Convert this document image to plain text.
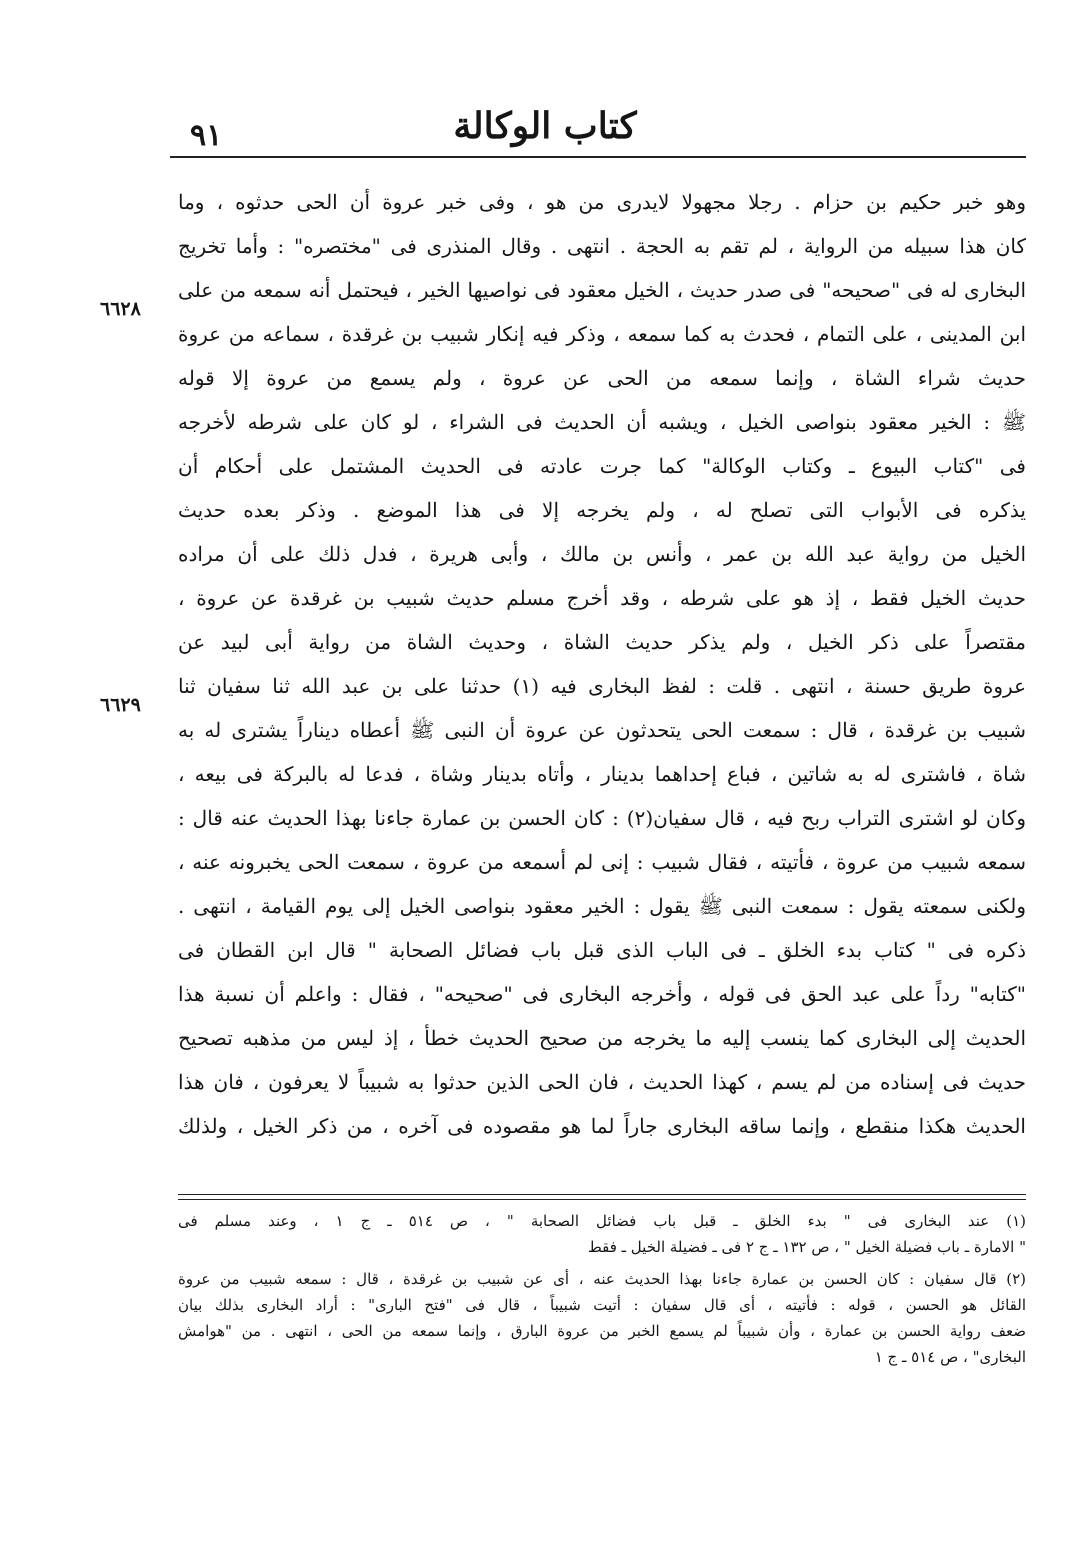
كتاب الوكالة
٩١
٦٦٢٨
٦٦٢٩
وهو خبر حكيم بن حزام . رجلا مجهولا لايدرى من هو ، وفى خبر عروة أن الحى حدثوه ، وما
كان هذا سبيله من الرواية ، لم تقم به الحجة . انتهى . وقال المنذرى فى "مختصره" : وأما تخريج
البخارى له فى "صحيحه" فى صدر حديث ، الخيل معقود فى نواصيها الخير ، فيحتمل أنه سمعه من على
ابن المدينى ، على التمام ، فحدث به كما سمعه ، وذكر فيه إنكار شبيب بن غرقدة ، سماعه من عروة
حديث شراء الشاة ، وإنما سمعه من الحى عن عروة ، ولم يسمع من عروة إلا قوله
ﷺ : الخير معقود بنواصى الخيل ، ويشبه أن الحديث فى الشراء ، لو كان على شرطه لأخرجه
فى "كتاب البيوع ـ وكتاب الوكالة" كما جرت عادته فى الحديث المشتمل على أحكام أن
يذكره فى الأبواب التى تصلح له ، ولم يخرجه إلا فى هذا الموضع . وذكر بعده حديث
الخيل من رواية عبد الله بن عمر ، وأنس بن مالك ، وأبى هريرة ، فدل ذلك على أن مراده
حديث الخيل فقط ، إذ هو على شرطه ، وقد أخرج مسلم حديث شبيب بن غرقدة عن عروة ،
مقتصراً على ذكر الخيل ، ولم يذكر حديث الشاة ، وحديث الشاة من رواية أبى لبيد عن
عروة طريق حسنة ، انتهى . قلت : لفظ البخارى فيه (١) حدثنا على بن عبد الله ثنا سفيان ثنا
شبيب بن غرقدة ، قال : سمعت الحى يتحدثون عن عروة أن النبى ﷺ أعطاه ديناراً يشترى له به
شاة ، فاشترى له به شاتين ، فباع إحداهما بدينار ، وأتاه بدينار وشاة ، فدعا له بالبركة فى بيعه ،
وكان لو اشترى التراب ربح فيه ، قال سفيان(٢) : كان الحسن بن عمارة جاءنا بهذا الحديث عنه قال :
سمعه شبيب من عروة ، فأتيته ، فقال شبيب : إنى لم أسمعه من عروة ، سمعت الحى يخبرونه عنه ،
ولكنى سمعته يقول : سمعت النبى ﷺ يقول : الخير معقود بنواصى الخيل إلى يوم القيامة ، انتهى .
ذكره فى " كتاب بدء الخلق ـ فى الباب الذى قبل باب فضائل الصحابة " قال ابن القطان فى
"كتابه" رداً على عبد الحق فى قوله ، وأخرجه البخارى فى "صحيحه" ، فقال : واعلم أن نسبة هذا
الحديث إلى البخارى كما ينسب إليه ما يخرجه من صحيح الحديث خطأ ، إذ ليس من مذهبه تصحيح
حديث فى إسناده من لم يسم ، كهذا الحديث ، فان الحى الذين حدثوا به شبيباً لا يعرفون ، فان هذا
الحديث هكذا منقطع ، وإنما ساقه البخارى جاراً لما هو مقصوده فى آخره ، من ذكر الخيل ، ولذلك
(١) عند البخارى فى " بدء الخلق ـ قبل باب فضائل الصحابة " ، ص ٥١٤ ـ ج ١ ، وعند مسلم فى
" الامارة ـ باب فضيلة الخيل " ، ص ١٣٢ ـ ج ٢ فى ـ فضيلة الخيل ـ فقط
(٢) قال سفيان : كان الحسن بن عمارة جاءنا بهذا الحديث عنه ، أى عن شبيب بن غرقدة ، قال : سمعه شبيب من عروة
القائل هو الحسن ، قوله : فأتيته ، أى قال سفيان : أتيت شبيباً ، قال فى "فتح البارى" : أراد البخارى بذلك بيان
ضعف رواية الحسن بن عمارة ، وأن شبيباً لم يسمع الخبر من عروة البارق ، وإنما سمعه من الحى ، انتهى . من "هوامش
البخارى" ، ص ٥١٤ ـ ج ١
